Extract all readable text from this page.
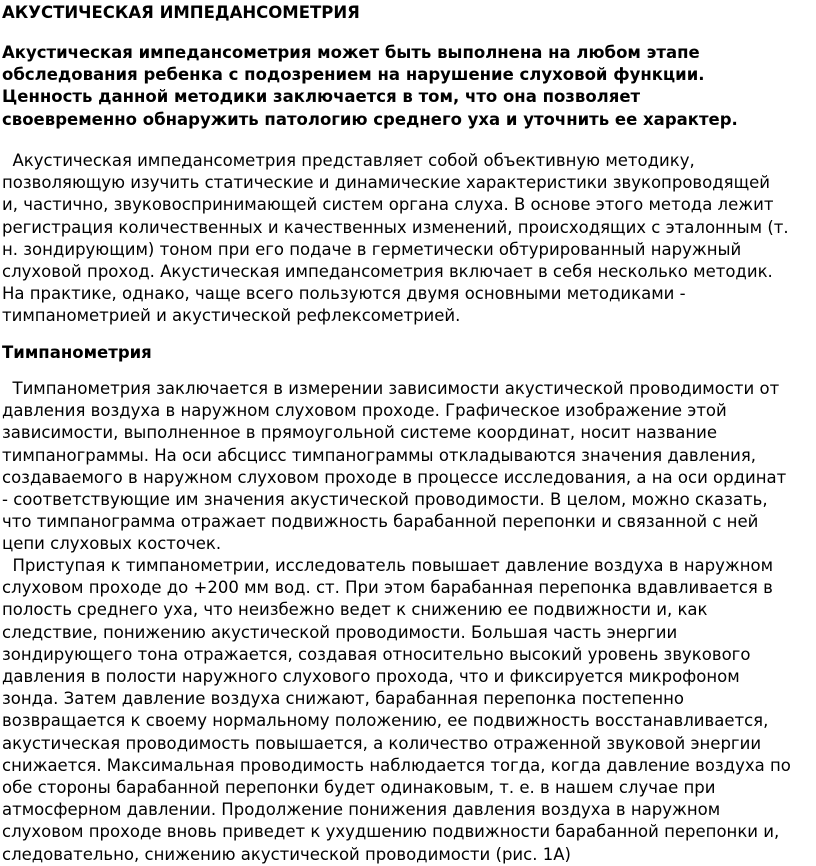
АКУСТИЧЕСКАЯ ИМПЕДАНСОМЕТРИЯ

Акустическая импедансометрия может быть выполнена на любом этапе
обследования ребенка с подозрением на нарушение слуховой функции.
Ценность данной методики заключается в том, что она позволяет
своевременно обнаружить патологию среднего уха и уточнить ее характер.

Акустическая импедансометрия представляет собой объективную методику,
позволяющую изучить статические и динамические характеристики звукопроводящей
и, частично, звуковоспринимающей систем органа слуха. В основе этого метода лежит
регистрация количественных и качественных изменений, происходящих с эталонным (т.
н. зондирующим) тоном при его подаче в герметически обтурированный наружный
слуховой проход. Акустическая импедансометрия включает в себя несколько методик.
На практике, однако, чаще всего пользуются двумя основными методиками -
тимпанометрией и акустической рефлексометрией.

Тимпанометрия

Тимпанометрия заключается в измерении зависимости акустической проводимости от
давления воздуха в наружном слуховом проходе. Графическое изображение этой
зависимости, выполненное в прямоугольной системе координат, носит название
тимпанограммы. На оси абсцисс тимпанограммы откладываются значения давления,
создаваемого в наружном слуховом проходе в процессе исследования, а на оси ординат
- соответствующие им значения акустической проводимости. В целом, можно сказать,
что тимпанограмма отражает подвижность барабанной перепонки и связанной с ней
цепи слуховых косточек.

Приступая к тимпанометрии, исследователь повышает давление воздуха в наружном
слуховом проходе до +200 мм вод. ст. При этом барабанная перепонка вдавливается в
полость среднего уха, что неизбежно ведет к снижению ее подвижности и, как
следствие, понижению акустической проводимости. Большая часть энергии
зондирующего тона отражается, создавая относительно высокий уровень звукового
давления в полости наружного слухового прохода, что и фиксируется микрофоном
зонда. Затем давление воздуха снижают, барабанная перепонка постепенно
возвращается к своему нормальному положению, ее подвижность восстанавливается,
акустическая проводимость повышается, а количество отраженной звуковой энергии
снижается. Максимальная проводимость наблюдается тогда, когда давление воздуха по
обе стороны барабанной перепонки будет одинаковым, т. е. в нашем случае при
атмосферном давлении. Продолжение понижения давления воздуха в наружном
слуховом проходе вновь приведет к ухудшению подвижности барабанной перепонки и,
следовательно, снижению акустической проводимости (рис. 1А)
